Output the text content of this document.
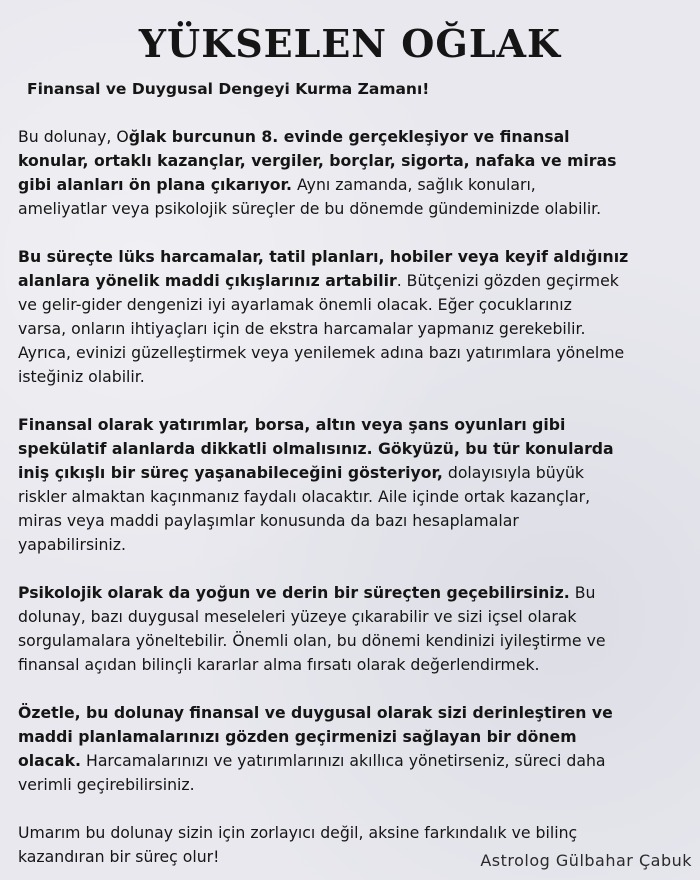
YÜKSELEN OĞLAK

Finansal ve Duygusal Dengeyi Kurma Zamanı!

Bu dolunay, Oğlak burcunun 8. evinde gerçekleşiyor ve finansal
konular, ortaklı kazançlar, vergiler, borçlar, sigorta, nafaka ve miras
gibi alanları ön plana çıkarıyor. Aynı zamanda, sağlık konuları,
ameliyatlar veya psikolojik süreçler de bu dönemde gündeminizde olabilir.

Bu süreçte lüks harcamalar, tatil planları, hobiler veya keyif aldığınız
alanlara yönelik maddi çıkışlarınız artabilir. Bütçenizi gözden geçirmek
ve gelir-gider dengenizi iyi ayarlamak önemli olacak. Eğer çocuklarınız
varsa, onların ihtiyaçları için de ekstra harcamalar yapmanız gerekebilir.
Ayrıca, evinizi güzelleştirmek veya yenilemek adına bazı yatırımlara yönelme
isteğiniz olabilir.

Finansal olarak yatırımlar, borsa, altın veya şans oyunları gibi
spekülatif alanlarda dikkatli olmalısınız. Gökyüzü, bu tür konularda
iniş çıkışlı bir süreç yaşanabileceğini gösteriyor, dolayısıyla büyük
riskler almaktan kaçınmanız faydalı olacaktır. Aile içinde ortak kazançlar,
miras veya maddi paylaşımlar konusunda da bazı hesaplamalar
yapabilirsiniz.

Psikolojik olarak da yoğun ve derin bir süreçten geçebilirsiniz. Bu
dolunay, bazı duygusal meseleleri yüzeye çıkarabilir ve sizi içsel olarak
sorgulamalara yöneltebilir. Önemli olan, bu dönemi kendinizi iyileştirme ve
finansal açıdan bilinçli kararlar alma fırsatı olarak değerlendirmek.

Özetle, bu dolunay finansal ve duygusal olarak sizi derinleştiren ve
maddi planlamalarınızı gözden geçirmenizi sağlayan bir dönem
olacak. Harcamalarınızı ve yatırımlarınızı akıllıca yönetirseniz, süreci daha
verimli geçirebilirsiniz.

Umarım bu dolunay sizin için zorlayıcı değil, aksine farkındalık ve bilinç
kazandıran bir süreç olur!	Astrolog Gülbahar Çabuk
